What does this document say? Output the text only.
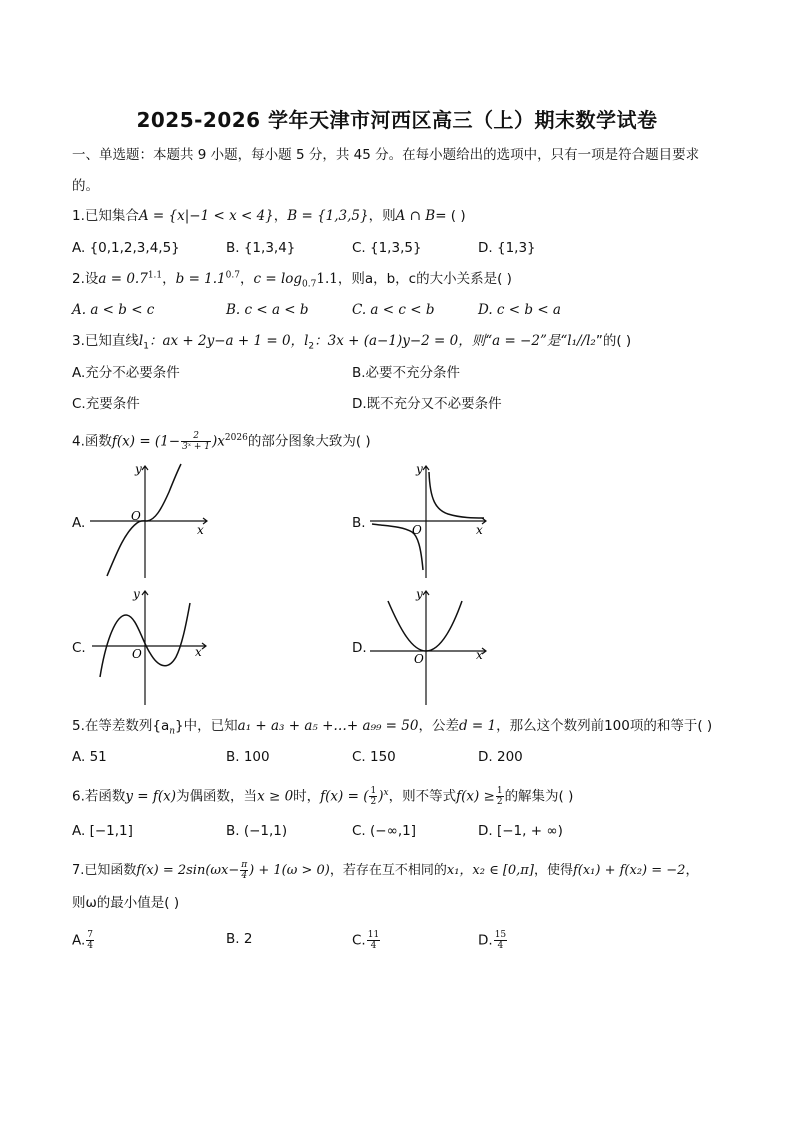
2025-2026 学年天津市河西区高三（上）期末数学试卷
一、单选题：本题共 9 小题，每小题 5 分，共 45 分。在每小题给出的选项中，只有一项是符合题目要求
的。
1.已知集合A = {x|−1 < x < 4}，B = {1,3,5}，则A ∩ B= ( )
A. {0,1,2,3,4,5}	B. {1,3,4}	C. {1,3,5}	D. {1,3}
2.设$a = 0.7^{1.1}$，$b = 1.1^{0.7}$，$c = \log_{0.7}1.1$，则a，b，c的大小关系是( )
A. a < b < c	B. c < a < b	C. a < c < b	D. c < b < a
3.已知直线$l_1$：ax + 2y−a + 1 = 0，$l_2$：3x + (a−1)y−2 = 0，则“a = −2”是“l₁//l₂”的( )
A.充分不必要条件	B.必要不充分条件
C.充要条件	D.既不充分又不必要条件
4.函数$f(x) = (1- \frac{2}{\text{3ˣ + 1}} )x^{2026}$的部分图象大致为( )
A.
y
x
O	B.
y
x
O
C.
y
x
O	D.
y
x
O
5.在等差数列$\{a_n\}$中，已知a₁ + a₃ + a₅ +…+ a₉₉ = 50，公差d = 1，那么这个数列前100项的和等于( )
A. 51	B. 100	C. 150	D. 200
6.若函数y = f(x)为偶函数，当x ≥ 0时，f(x) = ( $\frac{1}{2} )^x$，则不等式$f(x) \ge \frac{1}{2}$ 的解集为( )
A. [−1,1]	B. (−1,1)	C. (−∞,1]	D. [−1, + ∞)
7.已知函数$f(x) = 2\sin(\omega x- \frac{\pi}{4}$ ) + 1(ω > 0)，若存在互不相同的x₁，x₂ ∈ [0,π]，使得f(x₁) + f(x₂) = −2，
则ω的最小值是( )
A. $\frac{7}{4}$	B. 2	C. $\frac{11}{4}$	D. $\frac{15}{4}$
